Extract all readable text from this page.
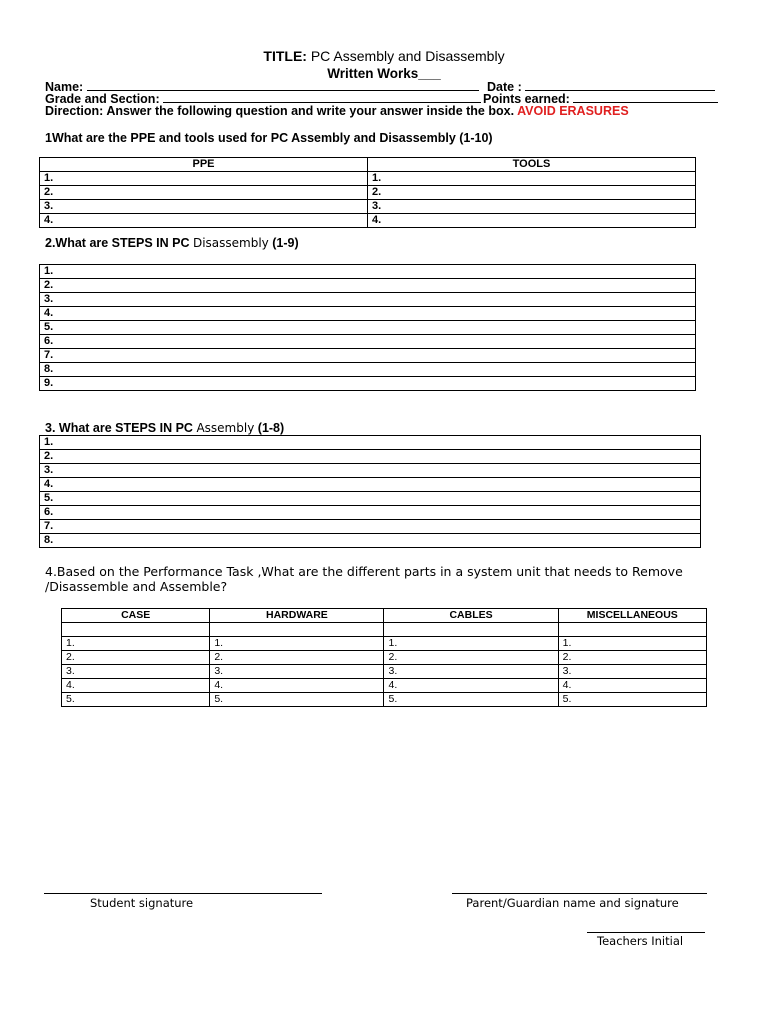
TITLE: PC Assembly and Disassembly
Written Works___
Name:	Date :
Grade and Section:	Points earned:
Direction: Answer the following question and write your answer inside the box. AVOID ERASURES
1What are the PPE and tools used for PC Assembly and Disassembly (1-10)
PPE	TOOLS
1.	1.
2.	2.
3.	3.
4.	4.
2.What are STEPS IN PC Disassembly (1-9)
1.
2.
3.
4.
5.
6.
7.
8.
9.
3. What are STEPS IN PC Assembly (1-8)
1.
2.
3.
4.
5.
6.
7.
8.
4.Based on the Performance Task ,What are the different parts in a system unit that needs to Remove /Disassemble and Assemble?
CASE	HARDWARE	CABLES	MISCELLANEOUS

1.	1.	1.	1.
2.	2.	2.	2.
3.	3.	3.	3.
4.	4.	4.	4.
5.	5.	5.	5.
Student signature	Parent/Guardian name and signature
Teachers Initial
